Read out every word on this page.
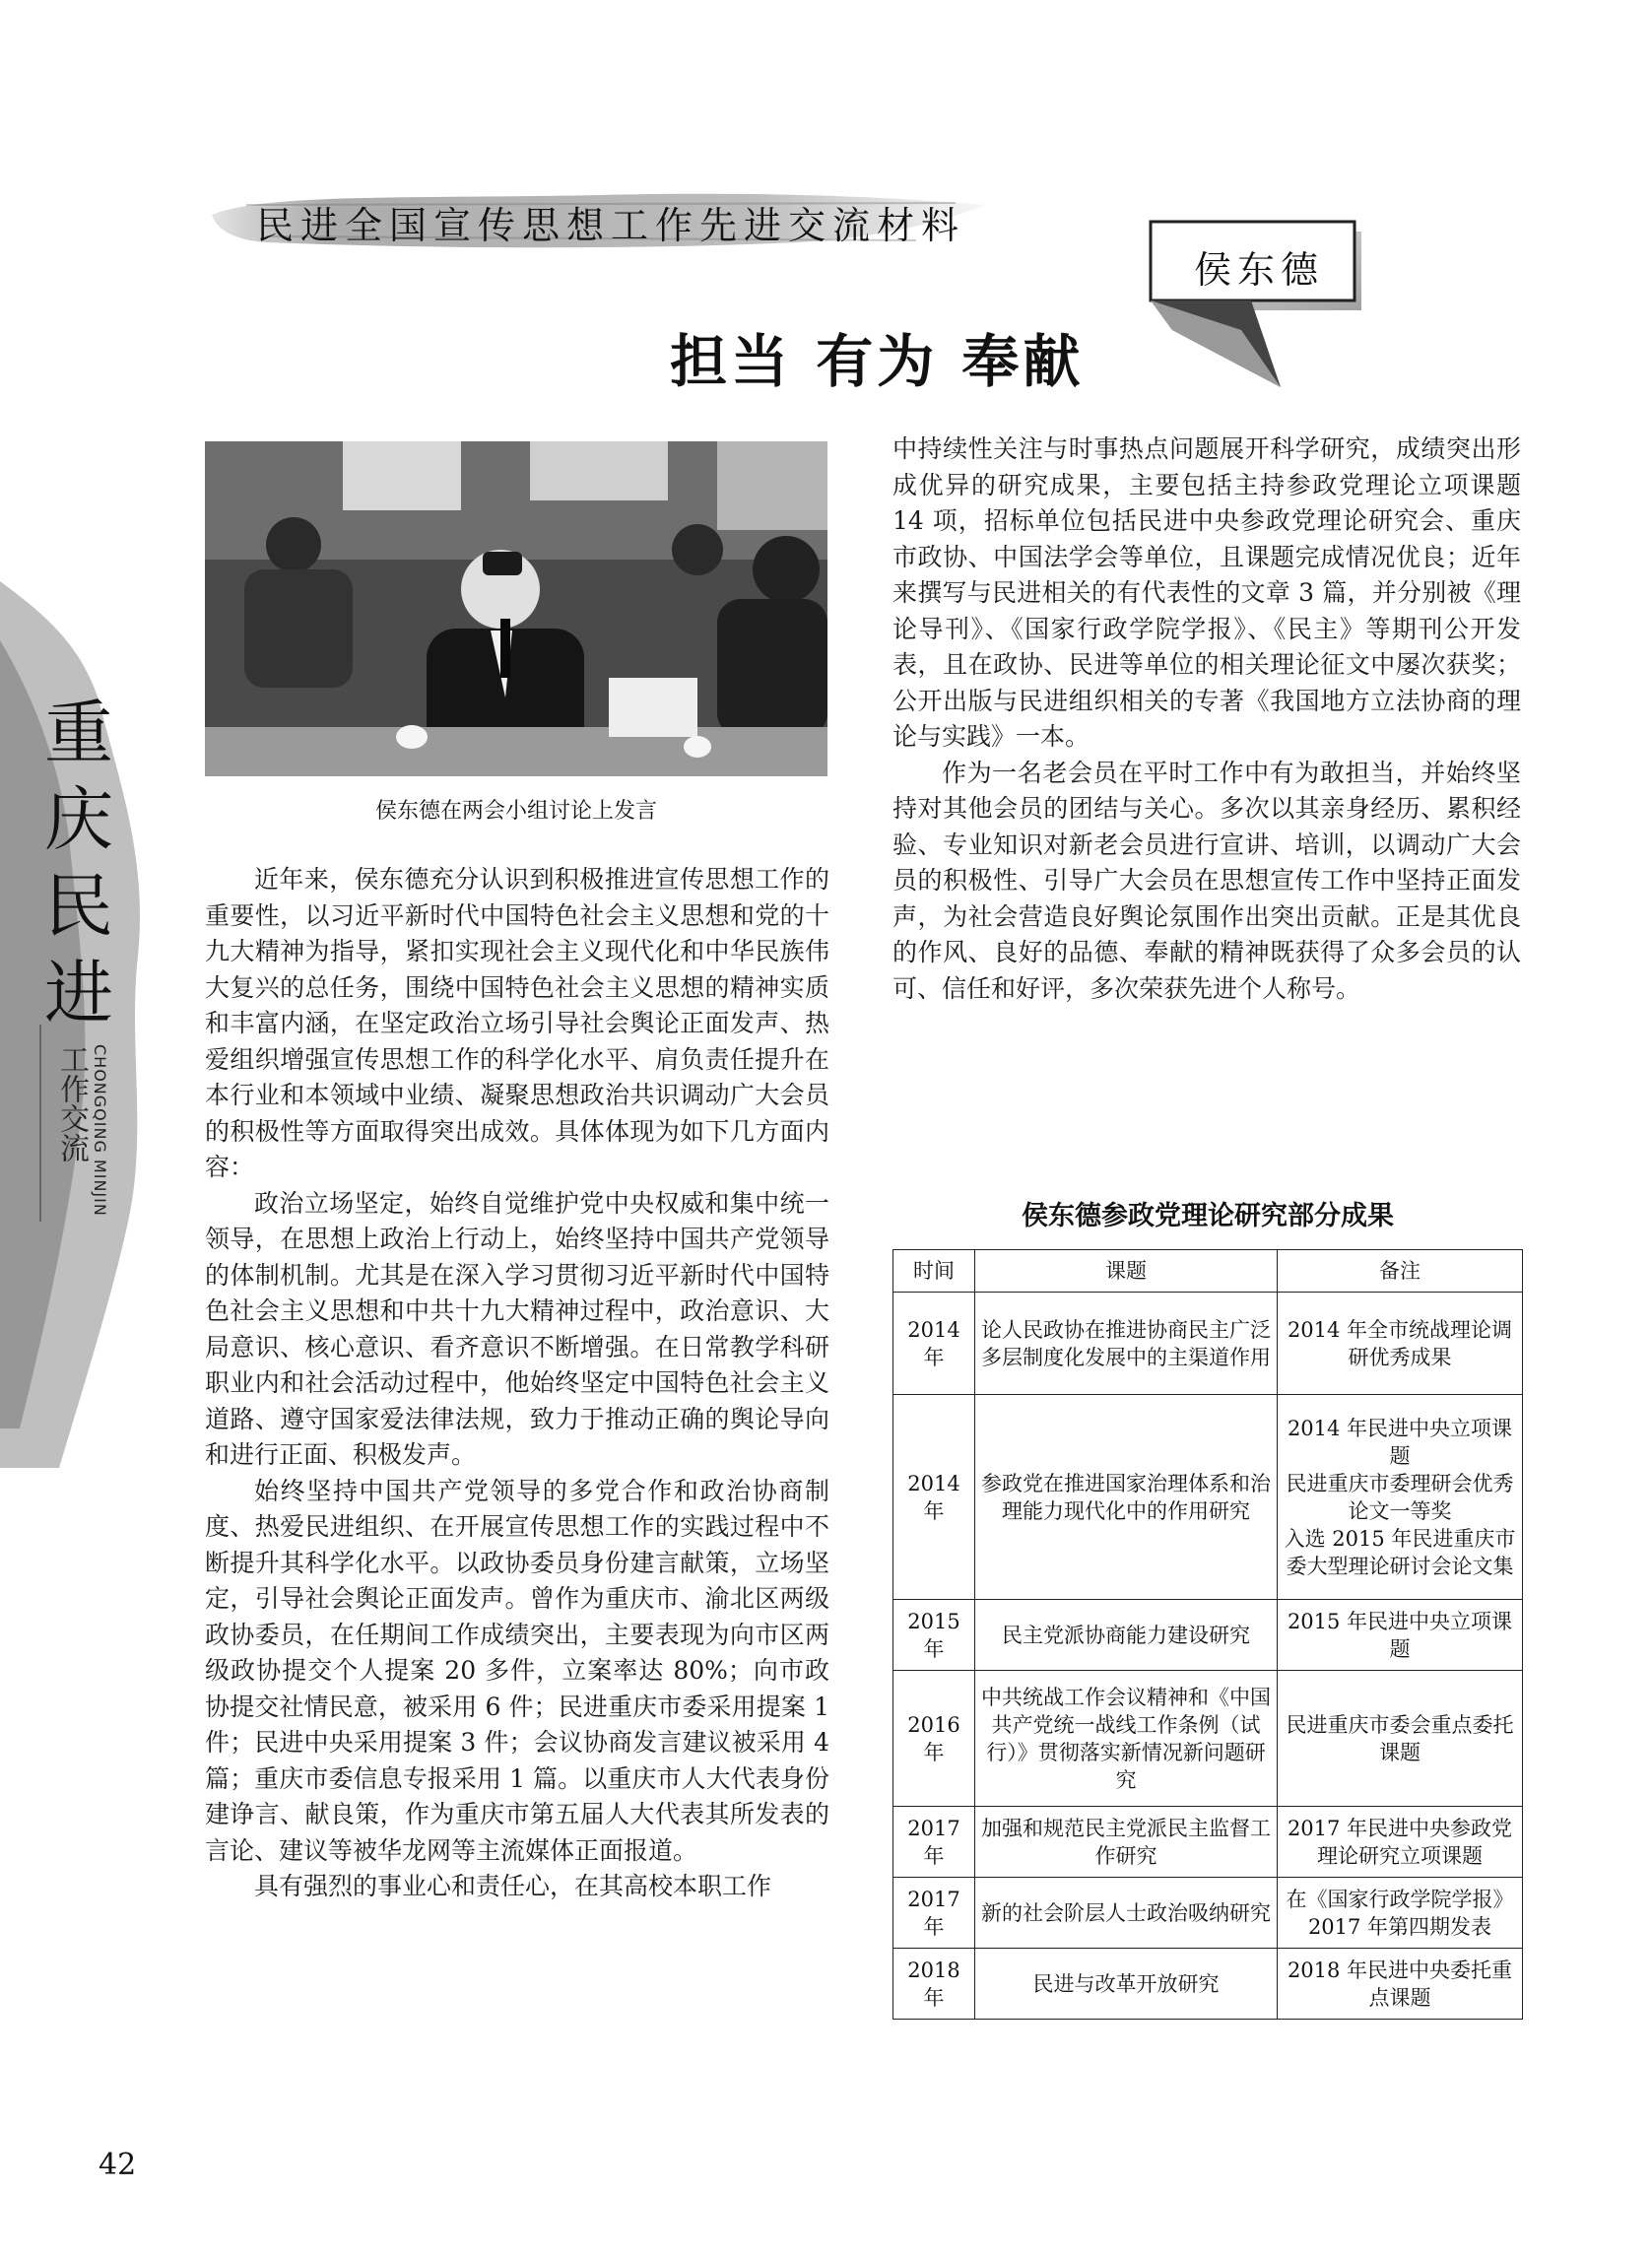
民进全国宣传思想工作先进交流材料
侯东德
担当 有为 奉献
重庆民进
工作交流 CHONGQING MINJIN
侯东德在两会小组讨论上发言

近年来，侯东德充分认识到积极推进宣传思想工作的重要性，以习近平新时代中国特色社会主义思想和党的十九大精神为指导，紧扣实现社会主义现代化和中华民族伟大复兴的总任务，围绕中国特色社会主义思想的精神实质和丰富内涵，在坚定政治立场引导社会舆论正面发声、热爱组织增强宣传思想工作的科学化水平、肩负责任提升在本行业和本领域中业绩、凝聚思想政治共识调动广大会员的积极性等方面取得突出成效。具体体现为如下几方面内容：

政治立场坚定，始终自觉维护党中央权威和集中统一领导，在思想上政治上行动上，始终坚持中国共产党领导的体制机制。尤其是在深入学习贯彻习近平新时代中国特色社会主义思想和中共十九大精神过程中，政治意识、大局意识、核心意识、看齐意识不断增强。在日常教学科研职业内和社会活动过程中，他始终坚定中国特色社会主义道路、遵守国家爱法律法规，致力于推动正确的舆论导向和进行正面、积极发声。

始终坚持中国共产党领导的多党合作和政治协商制度、热爱民进组织、在开展宣传思想工作的实践过程中不断提升其科学化水平。以政协委员身份建言献策，立场坚定，引导社会舆论正面发声。曾作为重庆市、渝北区两级政协委员，在任期间工作成绩突出，主要表现为向市区两级政协提交个人提案 20 多件，立案率达 80%；向市政协提交社情民意，被采用 6 件；民进重庆市委采用提案 1 件；民进中央采用提案 3 件；会议协商发言建议被采用 4 篇；重庆市委信息专报采用 1 篇。以重庆市人大代表身份建诤言、献良策，作为重庆市第五届人大代表其所发表的言论、建议等被华龙网等主流媒体正面报道。

具有强烈的事业心和责任心，在其高校本职工作

中持续性关注与时事热点问题展开科学研究，成绩突出形成优异的研究成果，主要包括主持参政党理论立项课题 14 项，招标单位包括民进中央参政党理论研究会、重庆市政协、中国法学会等单位，且课题完成情况优良；近年来撰写与民进相关的有代表性的文章 3 篇，并分别被《理论导刊》、《国家行政学院学报》、《民主》等期刊公开发表，且在政协、民进等单位的相关理论征文中屡次获奖；公开出版与民进组织相关的专著《我国地方立法协商的理论与实践》一本。

作为一名老会员在平时工作中有为敢担当，并始终坚持对其他会员的团结与关心。多次以其亲身经历、累积经验、专业知识对新老会员进行宣讲、培训，以调动广大会员的积极性、引导广大会员在思想宣传工作中坚持正面发声，为社会营造良好舆论氛围作出突出贡献。正是其优良的作风、良好的品德、奉献的精神既获得了众多会员的认可、信任和好评，多次荣获先进个人称号。

侯东德参政党理论研究部分成果
时间	课题	备注
2014年	论人民政协在推进协商民主广泛多层制度化发展中的主渠道作用	2014 年全市统战理论调研优秀成果
2014年	参政党在推进国家治理体系和治理能力现代化中的作用研究	2014 年民进中央立项课题
民进重庆市委理研会优秀论文一等奖
入选 2015 年民进重庆市委大型理论研讨会论文集
2015年	民主党派协商能力建设研究	2015 年民进中央立项课题
2016年	中共统战工作会议精神和《中国共产党统一战线工作条例（试行）》贯彻落实新情况新问题研究	民进重庆市委会重点委托课题
2017年	加强和规范民主党派民主监督工作研究	2017 年民进中央参政党理论研究立项课题
2017年	新的社会阶层人士政治吸纳研究	在《国家行政学院学报》2017 年第四期发表
2018年	民进与改革开放研究	2018 年民进中央委托重点课题
42
